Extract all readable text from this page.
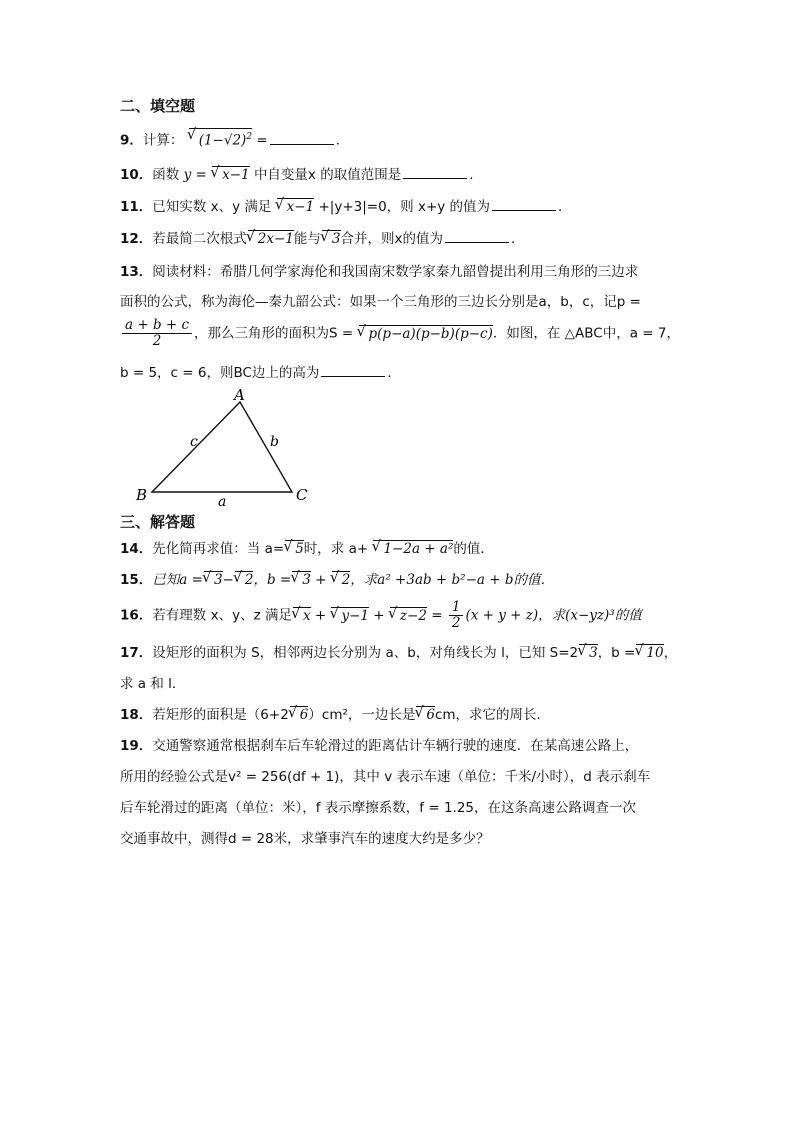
二、填空题
9．计算： √ $(1-√2)^2$ =	．
10．函数 y = √ x−1 中自变量x 的取值范围是	.
11．已知实数 x、y 满足 √ x−1 +|y+3|=0，则 x+y 的值为	．
12．若最简二次根式 √ 2x−1能与 √ 3合并，则x的值为	．
13．阅读材料：希腊几何学家海伦和我国南宋数学家秦九韶曾提出利用三角形的三边求
面积的公式，称为海伦—秦九韶公式：如果一个三角形的三边长分别是a，b，c，记p =
$\frac{a + b + c}{2}$ ，那么三角形的面积为S = √ p(p−a)(p−b)(p−c)．如图，在 △ABC中，a = 7，
b = 5，c = 6，则BC边上的高为	．
A
B	C
a
b
c
三、解答题
14．先化简再求值：当 a= √ 5时，求 a+ √ 1−2a + a²的值．
15．已知a = √ 3− √ 2，b = √ 3 + √ 2，求a² +3ab + b²−a + b的值．
16．若有理数 x、y、z 满足 √ x + √ y−1 + √ $z-2 = \frac{1}{2} (x + y + z)$，求(x−yz)³的值
17．设矩形的面积为 S，相邻两边长分别为 a、b，对角线长为 l，已知 S=2 √ 3，b = √ 10，
求 a 和 l．
18．若矩形的面积是（6+2 √ 6）cm²，一边长是 √ 6cm，求它的周长．
19．交通警察通常根据刹车后车轮滑过的距离估计车辆行驶的速度．在某高速公路上，
所用的经验公式是v² = 256(df + 1)，其中 v 表示车速（单位：千米/小时），d 表示刹车
后车轮滑过的距离（单位：米），f 表示摩擦系数，f = 1.25，在这条高速公路调查一次
交通事故中，测得d = 28米，求肇事汽车的速度大约是多少？
